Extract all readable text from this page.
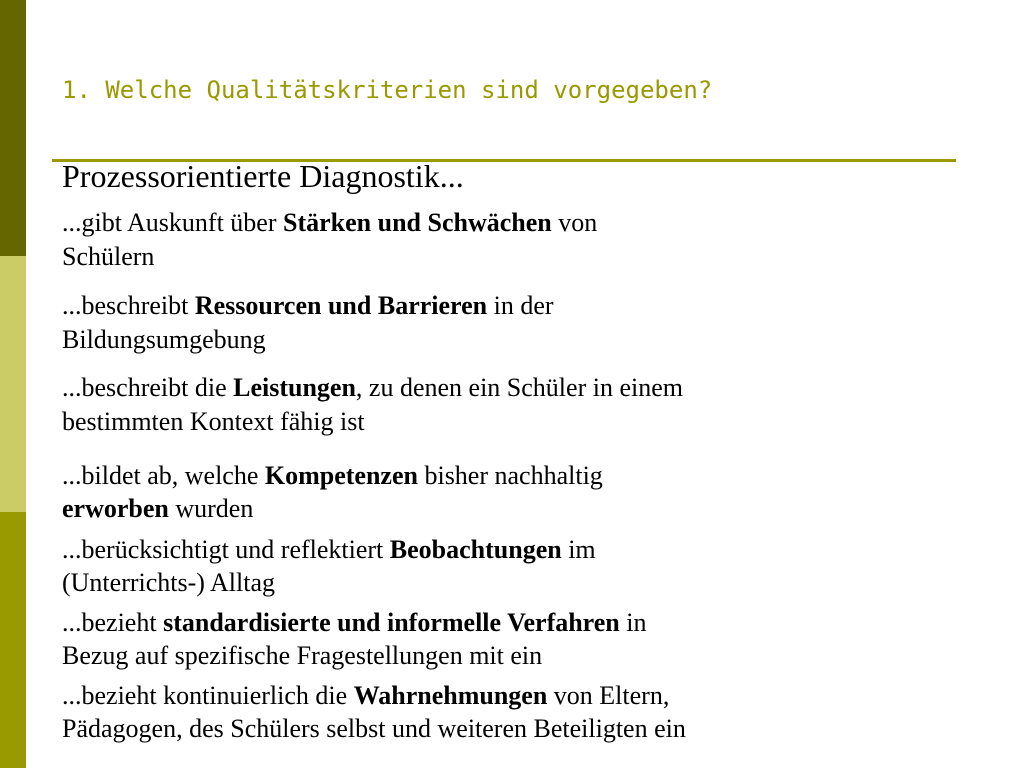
1. Welche Qualitätskriterien sind vorgegeben?
Prozessorientierte Diagnostik...
...gibt Auskunft über Stärken und Schwächen von
Schülern
...beschreibt Ressourcen und Barrieren in der
Bildungsumgebung
...beschreibt die Leistungen, zu denen ein Schüler in einem
bestimmten Kontext fähig ist
...bildet ab, welche Kompetenzen bisher nachhaltig
erworben wurden
...berücksichtigt und reflektiert Beobachtungen im
(Unterrichts-) Alltag
...bezieht standardisierte und informelle Verfahren in
Bezug auf spezifische Fragestellungen mit ein
...bezieht kontinuierlich die Wahrnehmungen von Eltern,
Pädagogen, des Schülers selbst und weiteren Beteiligten ein
